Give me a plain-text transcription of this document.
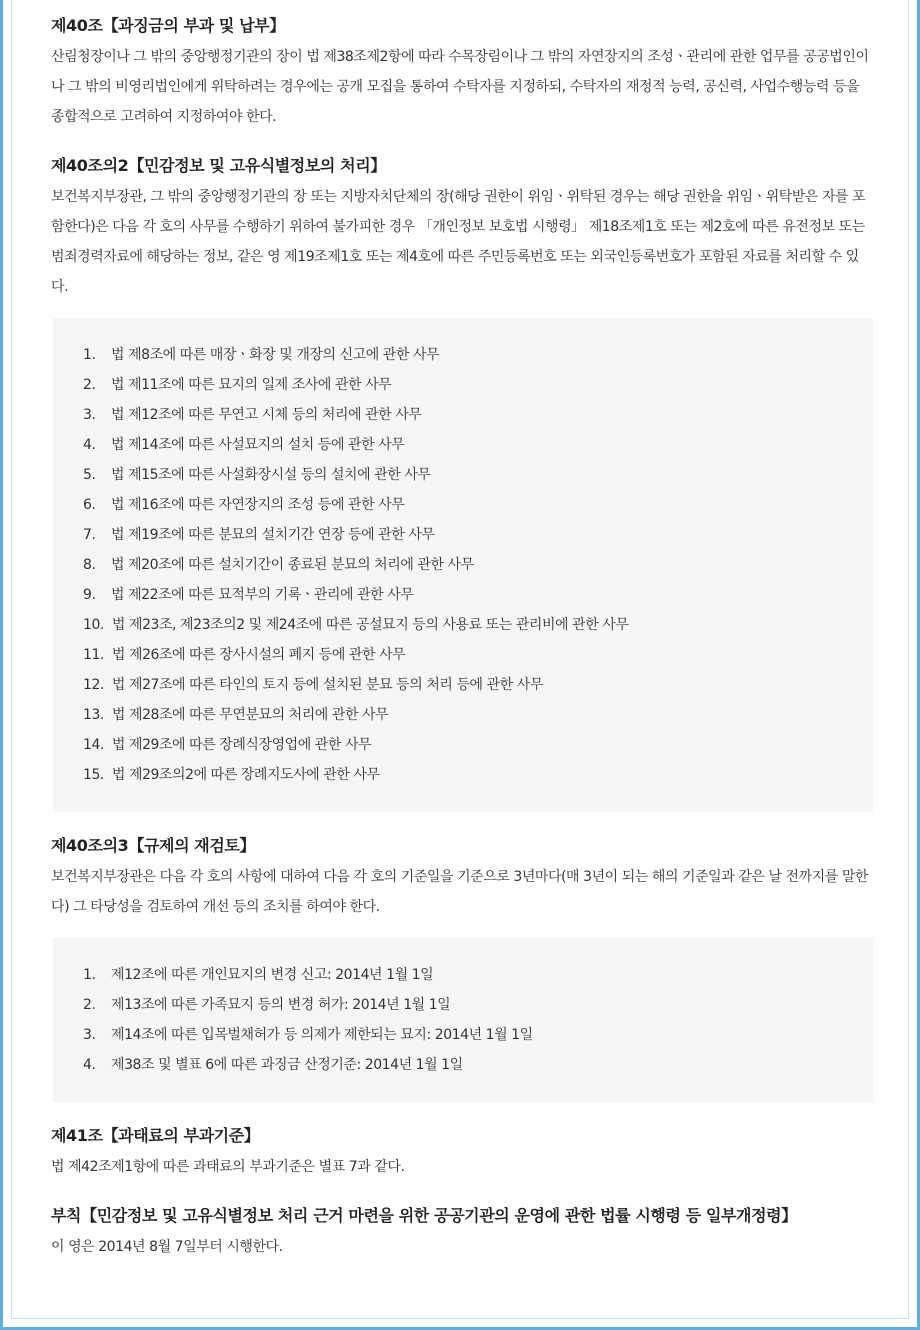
제40조【과징금의 부과 및 납부】

산림청장이나 그 밖의 중앙행정기관의 장이 법 제38조제2항에 따라 수목장림이나 그 밖의 자연장지의 조성ㆍ관리에 관한 업무를 공공법인이나 그 밖의 비영리법인에게 위탁하려는 경우에는 공개 모집을 통하여 수탁자를 지정하되, 수탁자의 재정적 능력, 공신력, 사업수행능력 등을 종합적으로 고려하여 지정하여야 한다.

제40조의2【민감정보 및 고유식별정보의 처리】

보건복지부장관, 그 밖의 중앙행정기관의 장 또는 지방자치단체의 장(해당 권한이 위임ㆍ위탁된 경우는 해당 권한을 위임ㆍ위탁받은 자를 포함한다)은 다음 각 호의 사무를 수행하기 위하여 불가피한 경우 「개인정보 보호법 시행령」 제18조제1호 또는 제2호에 따른 유전정보 또는 범죄경력자료에 해당하는 정보, 같은 영 제19조제1호 또는 제4호에 따른 주민등록번호 또는 외국인등록번호가 포함된 자료를 처리할 수 있다.

1.	법 제8조에 따른 매장ㆍ화장 및 개장의 신고에 관한 사무
2.	법 제11조에 따른 묘지의 일제 조사에 관한 사무
3.	법 제12조에 따른 무연고 시체 등의 처리에 관한 사무
4.	법 제14조에 따른 사설묘지의 설치 등에 관한 사무
5.	법 제15조에 따른 사설화장시설 등의 설치에 관한 사무
6.	법 제16조에 따른 자연장지의 조성 등에 관한 사무
7.	법 제19조에 따른 분묘의 설치기간 연장 등에 관한 사무
8.	법 제20조에 따른 설치기간이 종료된 분묘의 처리에 관한 사무
9.	법 제22조에 따른 묘적부의 기록ㆍ관리에 관한 사무
10. 법 제23조, 제23조의2 및 제24조에 따른 공설묘지 등의 사용료 또는 관리비에 관한 사무
11. 법 제26조에 따른 장사시설의 폐지 등에 관한 사무
12. 법 제27조에 따른 타인의 토지 등에 설치된 분묘 등의 처리 등에 관한 사무
13. 법 제28조에 따른 무연분묘의 처리에 관한 사무
14. 법 제29조에 따른 장례식장영업에 관한 사무
15. 법 제29조의2에 따른 장례지도사에 관한 사무
제40조의3【규제의 재검토】

보건복지부장관은 다음 각 호의 사항에 대하여 다음 각 호의 기준일을 기준으로 3년마다(매 3년이 되는 해의 기준일과 같은 날 전까지를 말한다) 그 타당성을 검토하여 개선 등의 조치를 하여야 한다.

1.	제12조에 따른 개인묘지의 변경 신고: 2014년 1월 1일
2.	제13조에 따른 가족묘지 등의 변경 허가: 2014년 1월 1일
3.	제14조에 따른 입목벌채허가 등 의제가 제한되는 묘지: 2014년 1월 1일
4.	제38조 및 별표 6에 따른 과징금 산정기준: 2014년 1월 1일
제41조【과태료의 부과기준】

법 제42조제1항에 따른 과태료의 부과기준은 별표 7과 같다.

부칙【민감정보 및 고유식별정보 처리 근거 마련을 위한 공공기관의 운영에 관한 법률 시행령 등 일부개정령】

이 영은 2014년 8월 7일부터 시행한다.
